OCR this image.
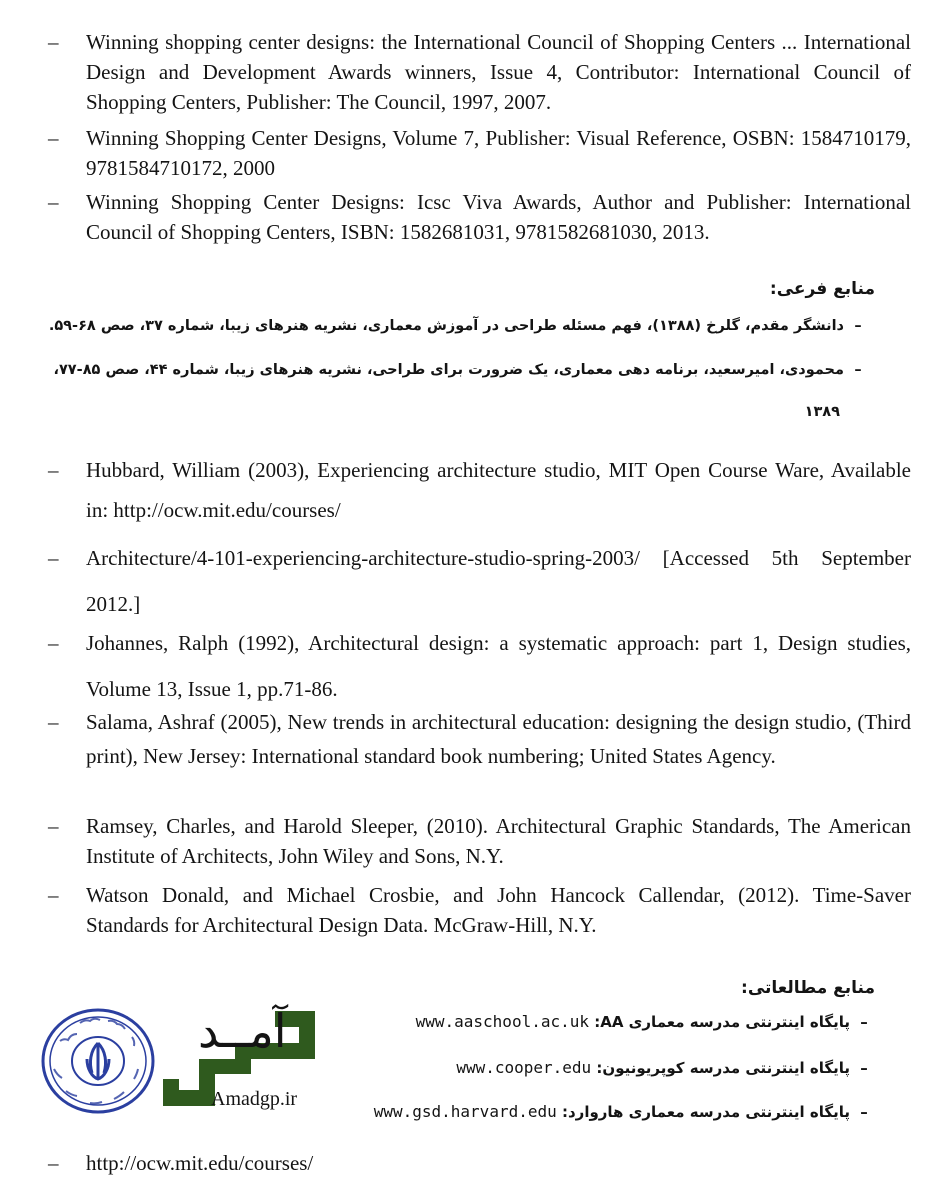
– Winning shopping center designs: the International Council of Shopping Centers ... International Design and Development Awards winners, Issue 4, Contributor: International Council of Shopping Centers, Publisher: The Council, 1997, 2007.
– Winning Shopping Center Designs, Volume 7, Publisher: Visual Reference, OSBN: 1584710179, 9781584710172, 2000
– Winning Shopping Center Designs: Icsc Viva Awards, Author and Publisher: International Council of Shopping Centers, ISBN: 1582681031, 9781582681030, 2013.
منابع فرعی:
–دانشگر مقدم، گلرخ (۱۳۸۸)، فهم مسئله طراحی در آموزش معماری، نشریه هنرهای زیبا، شماره ۳۷، صص ۶۸-۵۹.
–محمودی، امیرسعید، برنامه دهی معماری، یک ضرورت برای طراحی، نشریه هنرهای زیبا، شماره ۴۴، صص ۸۵-۷۷،
۱۳۸۹
– Hubbard, William (2003), Experiencing architecture studio, MIT Open Course Ware, Available in: http://ocw.mit.edu/courses/
– Architecture/4-101-experiencing-architecture-studio-spring-2003/ [Accessed 5th September 2012.]
– Johannes, Ralph (1992), Architectural design: a systematic approach: part 1, Design studies, Volume 13, Issue 1, pp.71-86.
– Salama, Ashraf (2005), New trends in architectural education: designing the design studio, (Third print), New Jersey: International standard book numbering; United States Agency.
– Ramsey, Charles, and Harold Sleeper, (2010). Architectural Graphic Standards, The American Institute of Architects, John Wiley and Sons, N.Y.
– Watson Donald, and Michael Crosbie, and John Hancock Callendar, (2012). Time-Saver Standards for Architectural Design Data. McGraw-Hill, N.Y.
منابع مطالعاتی:
–پایگاه اینترنتی مدرسه معماری AA: www.aaschool.ac.uk
–پایگاه اینترنتی مدرسه کوپریونیون: www.cooper.edu
–پایگاه اینترنتی مدرسه معماری هاروارد: www.gsd.harvard.edu
– http://ocw.mit.edu/courses/
آمــد
Amadgp.ir
